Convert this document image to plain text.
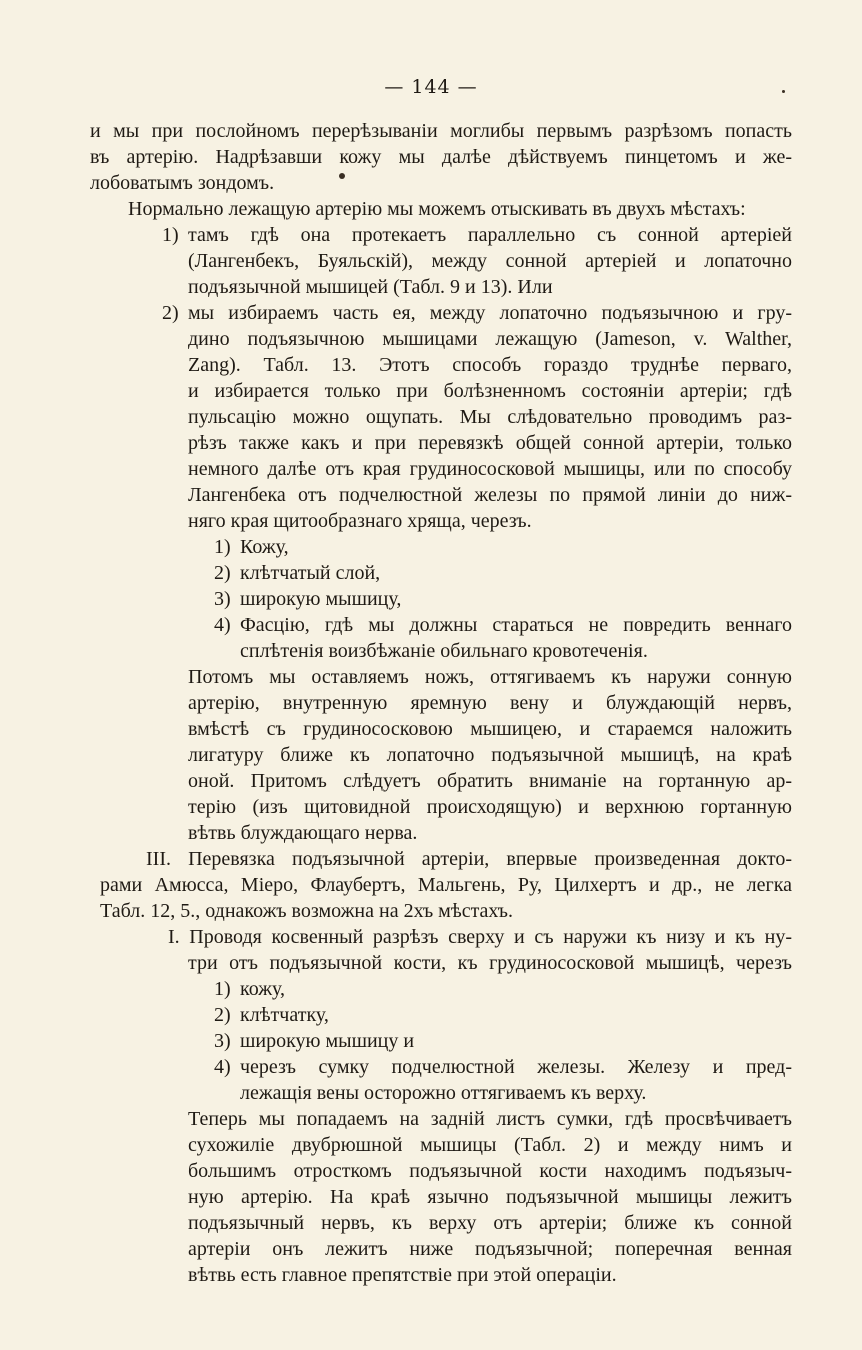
— 144 —
и мы при послойномъ перерѣзываніи моглибы первымъ разрѣзомъ попасть
въ артерію. Надрѣзавши кожу мы далѣе дѣйствуемъ пинцетомъ и же-
лобоватымъ зондомъ.
Нормально лежащую артерію мы можемъ отыскивать въ двухъ мѣстахъ:
1) тамъ гдѣ она протекаетъ параллельно съ сонной артеріей
(Лангенбекъ, Буяльскій), между сонной артеріей и лопаточно
подъязычной мышицей (Табл. 9 и 13). Или
2) мы избираемъ часть ея, между лопаточно подъязычною и гру-
дино подъязычною мышицами лежащую (Jameson, v. Walther,
Zang). Табл. 13. Этотъ способъ гораздо труднѣе перваго,
и избирается только при болѣзненномъ состояніи артеріи; гдѣ
пульсацію можно ощупать. Мы слѣдовательно проводимъ раз-
рѣзъ также какъ и при перевязкѣ общей сонной артеріи, только
немного далѣе отъ края грудиноcосковой мышицы, или по способу
Лангенбека отъ подчелюстной железы по прямой линіи до ниж-
няго края щитообразнаго хряща, черезъ.
1) Кожу,
2) клѣтчатый слой,
3) широкую мышицу,
4) Фасцію, гдѣ мы должны стараться не повредить веннаго
сплѣтенія воизбѣжаніе обильнаго кровотеченія.
Потомъ мы оставляемъ ножъ, оттягиваемъ къ наружи сонную
артерію, внутренную яремную вену и блуждающій нервъ,
вмѣстѣ съ грудиноcосковою мышицею, и стараемся наложить
лигатуру ближе къ лопаточно подъязычной мышицѣ, на краѣ
оной. Притомъ слѣдуетъ обратить вниманіе на гортанную ар-
терію (изъ щитовидной происходящую) и верхнюю гортанную
вѣтвь блуждающаго нерва.
III. Перевязка подъязычной артеріи, впервые произведенная докто-
рами Амюсса, Міеро, Флаубертъ, Мальгень, Ру, Цилхертъ и др., не легка
Табл. 12, 5., однакожъ возможна на 2хъ мѣстахъ.
I. Проводя косвенный разрѣзъ сверху и съ наружи къ низу и къ ну-
три отъ подъязычной кости, къ грудиноcосковой мышицѣ, черезъ
1) кожу,
2) клѣтчатку,
3) широкую мышицу и
4) черезъ сумку подчелюстной железы. Железу и пред-
лежащія вены осторожно оттягиваемъ къ верху.
Теперь мы попадаемъ на задній листъ сумки, гдѣ просвѣчиваетъ
сухожиліе двубрюшной мышицы (Табл. 2) и между нимъ и
большимъ отросткомъ подъязычной кости находимъ подъязыч-
ную артерію. На краѣ язычно подъязычной мышицы лежитъ
подъязычный нервъ, къ верху отъ артеріи; ближе къ сонной
артеріи онъ лежитъ ниже подъязычной; поперечная венная
вѣтвь есть главное препятствіе при этой операціи.
